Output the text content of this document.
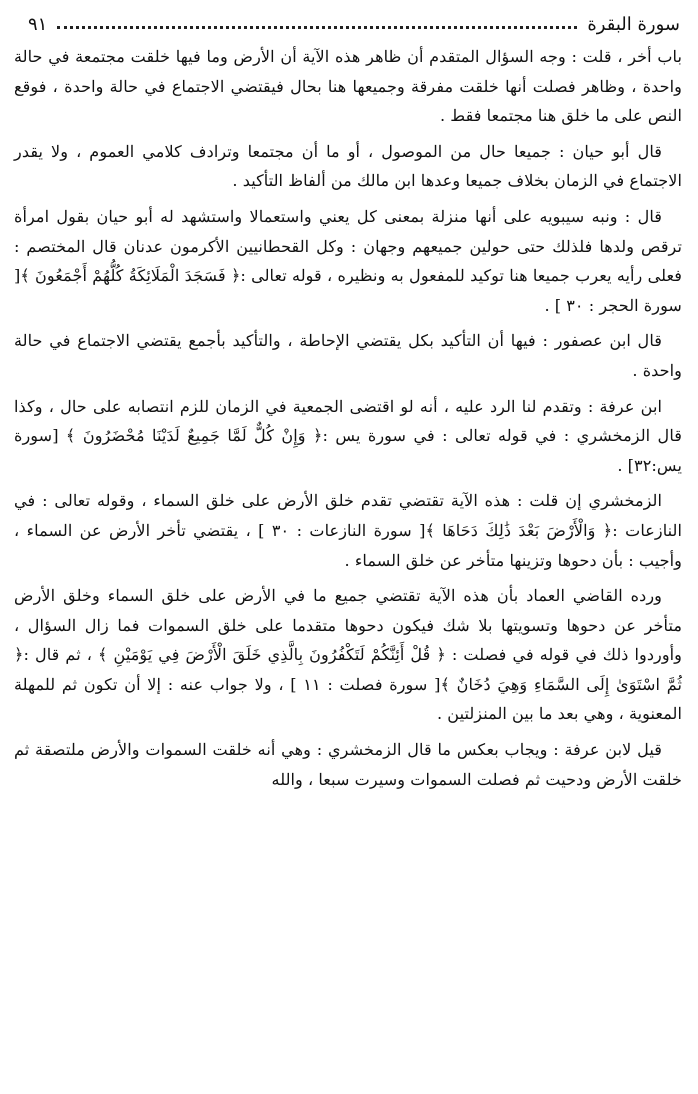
سورة البقرة
٩١

باب أخر ، قلت : وجه السؤال المتقدم أن ظاهر هذه الآية أن الأرض وما فيها خلقت مجتمعة في حالة واحدة ، وظاهر فصلت أنها خلقت مفرقة وجميعها هنا بحال فيقتضي الاجتماع في حالة واحدة ، فوقع النص على ما خلق هنا مجتمعا فقط .

قال أبو حيان : جميعا حال من الموصول ، أو ما أن مجتمعا وترادف كلامي العموم ، ولا يقدر الاجتماع في الزمان بخلاف جميعا وعدها ابن مالك من ألفاظ التأكيد .

قال : ونبه سيبويه على أنها منزلة بمعنى كل يعني واستعمالا واستشهد له أبو حيان بقول امرأة ترقص ولدها فلذلك حتى حولين جميعهم وجهان : وكل القحطانيين الأكرمون عدنان قال المختصم : فعلى رأيه يعرب جميعا هنا توكيد للمفعول به ونظيره ، قوله تعالى :﴿ فَسَجَدَ الْمَلَائِكَةُ كُلُّهُمْ أَجْمَعُونَ ﴾[ سورة الحجر : ٣٠ ] .

قال ابن عصفور : فيها أن التأكيد بكل يقتضي الإحاطة ، والتأكيد بأجمع يقتضي الاجتماع في حالة واحدة .

ابن عرفة : وتقدم لنا الرد عليه ، أنه لو اقتضى الجمعية في الزمان للزم انتصابه على حال ، وكذا قال الزمخشري : في قوله تعالى : في سورة يس :﴿ وَإِنْ كُلٌّ لَمَّا جَمِيعٌ لَدَيْنَا مُحْضَرُونَ ﴾ [سورة يس:٣٢] .

الزمخشري إن قلت : هذه الآية تقتضي تقدم خلق الأرض على خلق السماء ، وقوله تعالى : في النازعات :﴿ وَالْأَرْضَ بَعْدَ ذَٰلِكَ دَحَاهَا ﴾[ سورة النازعات : ٣٠ ] ، يقتضي تأخر الأرض عن السماء ، وأجيب : بأن دحوها وتزينها متأخر عن خلق السماء .

ورده القاضي العماد بأن هذه الآية تقتضي جميع ما في الأرض على خلق السماء وخلق الأرض متأخر عن دحوها وتسويتها بلا شك فيكون دحوها متقدما على خلق السموات فما زال السؤال ، وأوردوا ذلك في قوله في فصلت : ﴿ قُلْ أَئِنَّكُمْ لَتَكْفُرُونَ بِالَّذِي خَلَقَ الْأَرْضَ فِي يَوْمَيْنِ ﴾ ، ثم قال :﴿ ثُمَّ اسْتَوَىٰ إِلَى السَّمَاءِ وَهِيَ دُخَانٌ ﴾[ سورة فصلت : ١١ ] ، ولا جواب عنه : إلا أن تكون ثم للمهلة المعنوية ، وهي بعد ما بين المنزلتين .

قيل لابن عرفة : ويجاب بعكس ما قال الزمخشري : وهي أنه خلقت السموات والأرض ملتصقة ثم خلقت الأرض ودحيت ثم فصلت السموات وسيرت سبعا ، والله
